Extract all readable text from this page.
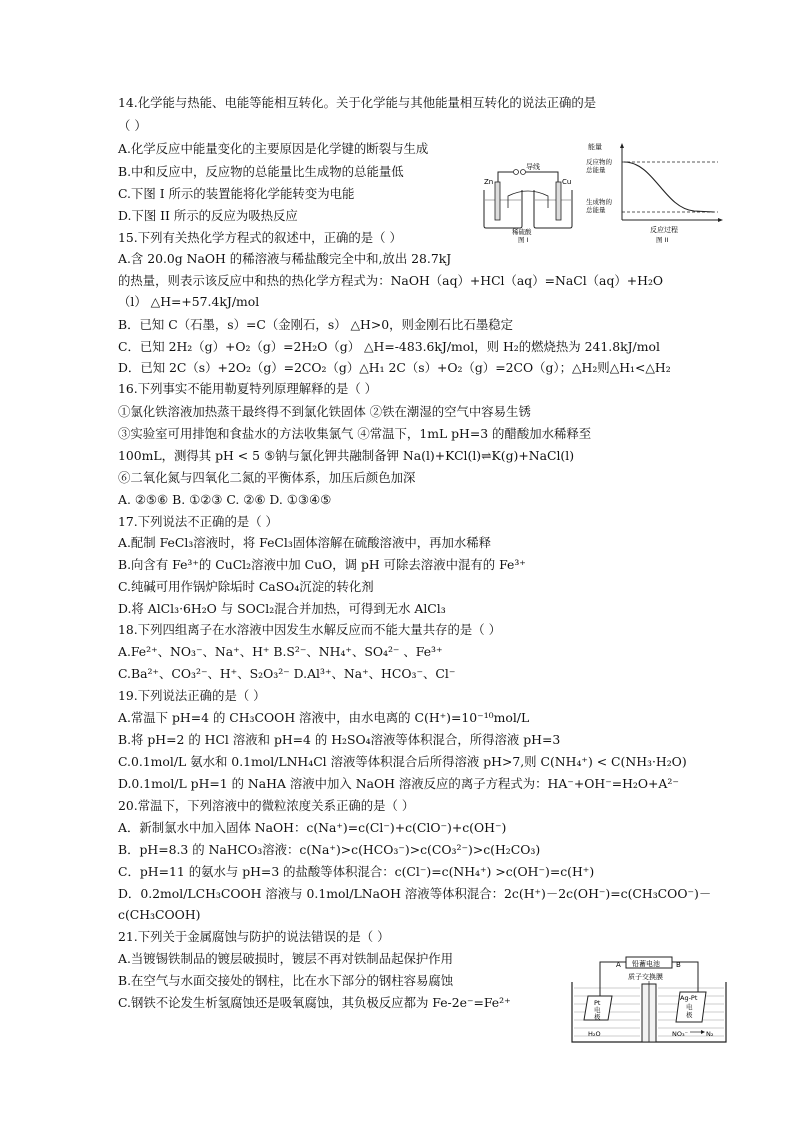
14.化学能与热能、电能等能相互转化。关于化学能与其他能量相互转化的说法正确的是
（ ）
A.化学反应中能量变化的主要原因是化学键的断裂与生成
B.中和反应中，反应物的总能量比生成物的总能量低
C.下图 I 所示的装置能将化学能转变为电能
D.下图 II 所示的反应为吸热反应
15.下列有关热化学方程式的叙述中，正确的是（ ）
A.含 20.0g NaOH 的稀溶液与稀盐酸完全中和,放出 28.7kJ
的热量，则表示该反应中和热的热化学方程式为：NaOH（aq）+HCl（aq）=NaCl（aq）+H₂O
（l） △H=+57.4kJ/mol
B．已知 C（石墨，s）=C（金刚石，s） △H>0，则金刚石比石墨稳定
C．已知 2H₂（g）+O₂（g）=2H₂O（g） △H=-483.6kJ/mol，则 H₂的燃烧热为 241.8kJ/mol
D．已知 2C（s）+2O₂（g）=2CO₂（g）△H₁ 2C（s）+O₂（g）=2CO（g）；△H₂则△H₁<△H₂
16.下列事实不能用勒夏特列原理解释的是（ ）
①氯化铁溶液加热蒸干最终得不到氯化铁固体 ②铁在潮湿的空气中容易生锈
③实验室可用排饱和食盐水的方法收集氯气 ④常温下，1mL pH=3 的醋酸加水稀释至
100mL，测得其 pH < 5 ⑤钠与氯化钾共融制备钾 Na(l)+KCl(l)⇌K(g)+NaCl(l)
⑥二氧化氮与四氧化二氮的平衡体系，加压后颜色加深
A. ②⑤⑥ B. ①②③ C. ②⑥ D. ①③④⑤
17.下列说法不正确的是（ ）
A.配制 FeCl₃溶液时，将 FeCl₃固体溶解在硫酸溶液中，再加水稀释
B.向含有 Fe³⁺的 CuCl₂溶液中加 CuO，调 pH 可除去溶液中混有的 Fe³⁺
C.纯碱可用作锅炉除垢时 CaSO₄沉淀的转化剂
D.将 AlCl₃·6H₂O 与 SOCl₂混合并加热，可得到无水 AlCl₃
18.下列四组离子在水溶液中因发生水解反应而不能大量共存的是（ ）
A.Fe²⁺、NO₃⁻、Na⁺、H⁺ B.S²⁻、NH₄⁺、SO₄²⁻ 、Fe³⁺
C.Ba²⁺、CO₃²⁻、H⁺、S₂O₃²⁻ D.Al³⁺、Na⁺、HCO₃⁻、Cl⁻
19.下列说法正确的是（ ）
A.常温下 pH=4 的 CH₃COOH 溶液中，由水电离的 C(H⁺)=10⁻¹⁰mol/L
B.将 pH=2 的 HCl 溶液和 pH=4 的 H₂SO₄溶液等体积混合，所得溶液 pH=3
C.0.1mol/L 氨水和 0.1mol/LNH₄Cl 溶液等体积混合后所得溶液 pH>7,则 C(NH₄⁺) < C(NH₃·H₂O)
D.0.1mol/L pH=1 的 NaHA 溶液中加入 NaOH 溶液反应的离子方程式为：HA⁻+OH⁻=H₂O+A²⁻
20.常温下，下列溶液中的微粒浓度关系正确的是（ ）
A．新制氯水中加入固体 NaOH：c(Na⁺)=c(Cl⁻)+c(ClO⁻)+c(OH⁻)
B．pH=8.3 的 NaHCO₃溶液：c(Na⁺)>c(HCO₃⁻)>c(CO₃²⁻)>c(H₂CO₃)
C．pH=11 的氨水与 pH=3 的盐酸等体积混合：c(Cl⁻)=c(NH₄⁺) >c(OH⁻)=c(H⁺)
D．0.2mol/LCH₃COOH 溶液与 0.1mol/LNaOH 溶液等体积混合：2c(H⁺)－2c(OH⁻)=c(CH₃COO⁻)－
c(CH₃COOH)
21.下列关于金属腐蚀与防护的说法错误的是（ ）
A.当镀锡铁制品的镀层破损时，镀层不再对铁制品起保护作用
B.在空气与水面交接处的钢柱，比在水下部分的钢柱容易腐蚀
C.钢铁不论发生析氢腐蚀还是吸氧腐蚀，其负极反应都为 Fe-2e⁻=Fe²⁺
导线
Zn	Cu
稀硫酸
图 I
能量
反应物的
总能量
生成物的
总能量
反应过程
图 II
铅蓄电池
A	B
质子交换膜
Pt
电
极
Ag-Pt
电
极
H₂O	NO₃⁻	N₂
